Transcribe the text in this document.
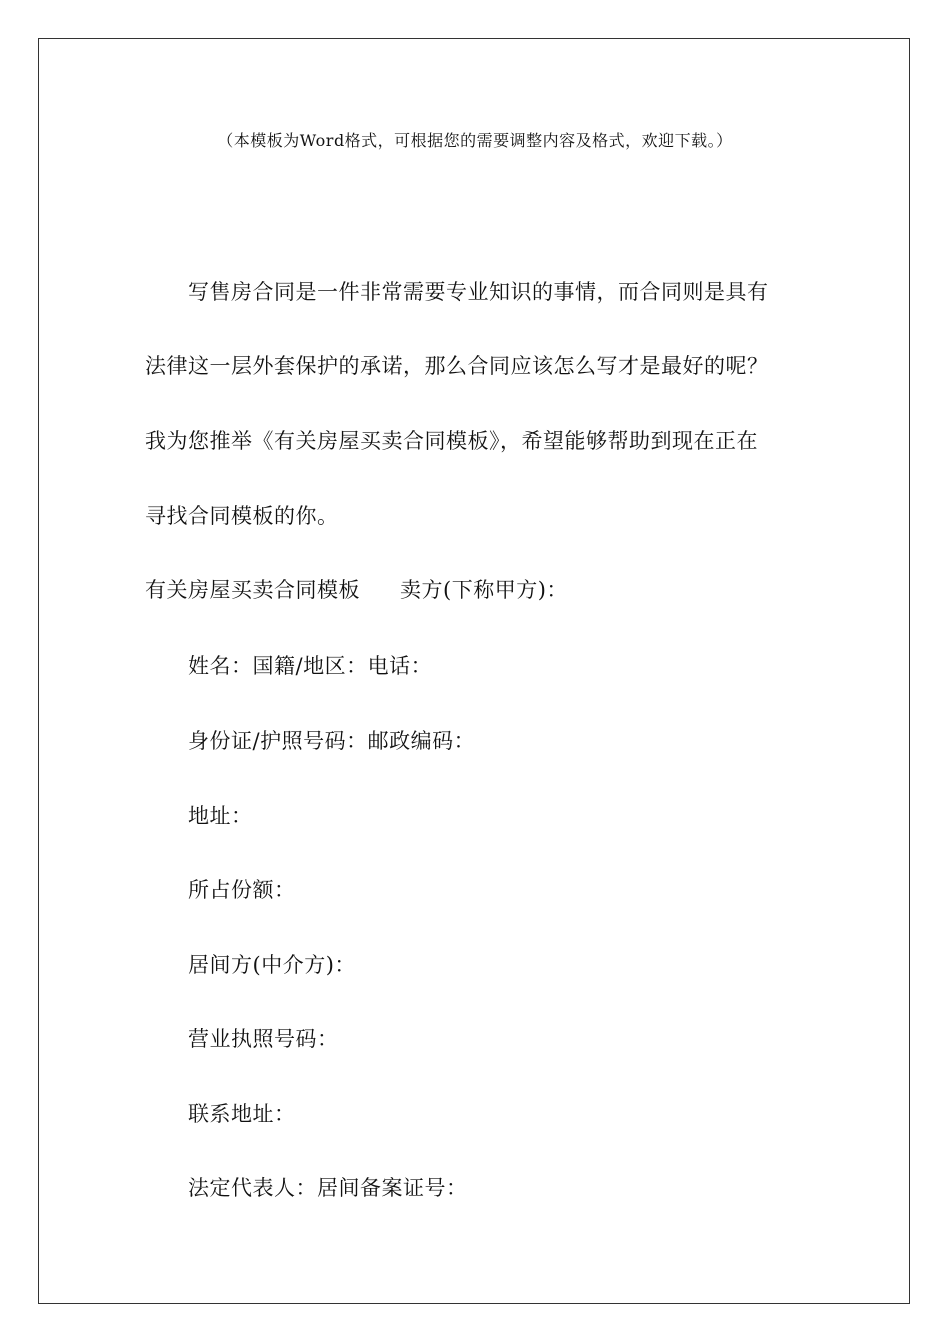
（本模板为Word格式，可根据您的需要调整内容及格式，欢迎下载。）
写售房合同是一件非常需要专业知识的事情，而合同则是具有
法律这一层外套保护的承诺，那么合同应该怎么写才是最好的呢？
我为您推举《有关房屋买卖合同模板》，希望能够帮助到现在正在
寻找合同模板的你。
有关房屋买卖合同模板 卖方(下称甲方)：
姓名：国籍/地区：电话：
身份证/护照号码：邮政编码：
地址：
所占份额：
居间方(中介方)：
营业执照号码：
联系地址：
法定代表人：居间备案证号：
